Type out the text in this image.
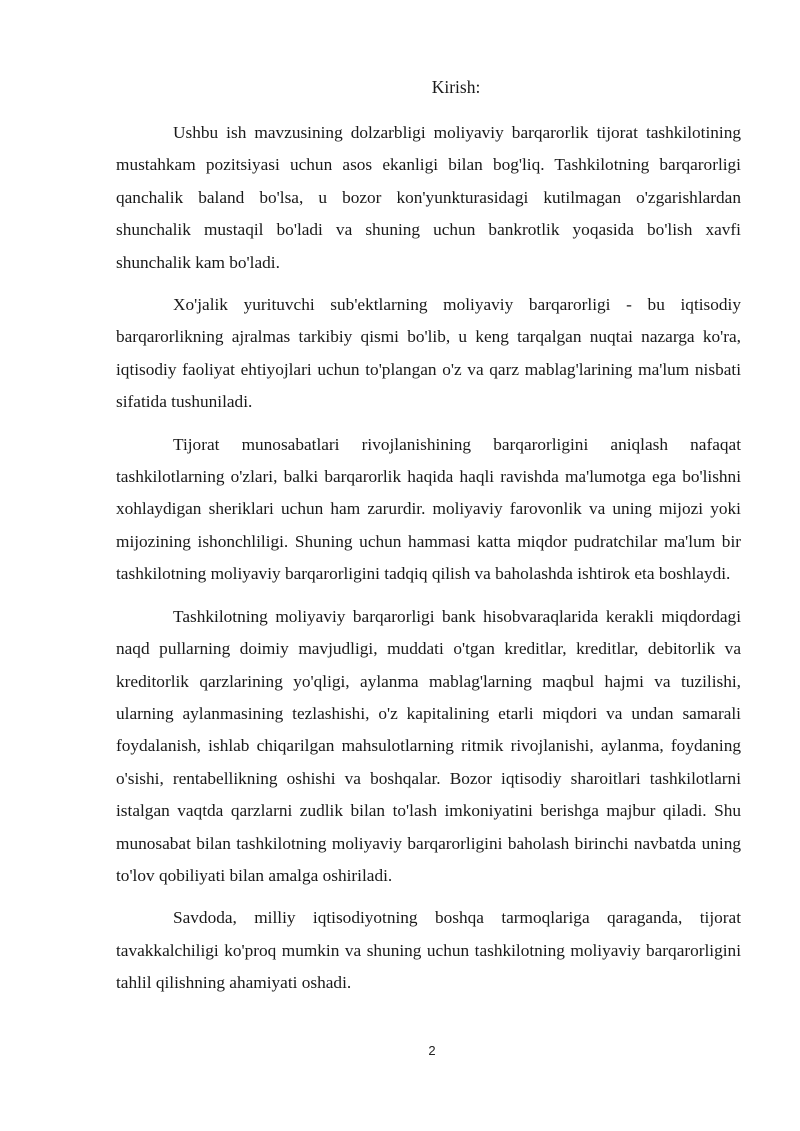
Kirish:

Ushbu ish mavzusining dolzarbligi moliyaviy barqarorlik tijorat tashkilotining mustahkam pozitsiyasi uchun asos ekanligi bilan bog'liq. Tashkilotning barqarorligi qanchalik baland bo'lsa, u bozor kon'yunkturasidagi kutilmagan o'zgarishlardan shunchalik mustaqil bo'ladi va shuning uchun bankrotlik yoqasida bo'lish xavfi shunchalik kam bo'ladi.

Xo'jalik yurituvchi sub'ektlarning moliyaviy barqarorligi - bu iqtisodiy barqarorlikning ajralmas tarkibiy qismi bo'lib, u keng tarqalgan nuqtai nazarga ko'ra, iqtisodiy faoliyat ehtiyojlari uchun to'plangan o'z va qarz mablag'larining ma'lum nisbati sifatida tushuniladi.

Tijorat munosabatlari rivojlanishining barqarorligini aniqlash nafaqat tashkilotlarning o'zlari, balki barqarorlik haqida haqli ravishda ma'lumotga ega bo'lishni xohlaydigan sheriklari uchun ham zarurdir. moliyaviy farovonlik va uning mijozi yoki mijozining ishonchliligi. Shuning uchun hammasi katta miqdor pudratchilar ma'lum bir tashkilotning moliyaviy barqarorligini tadqiq qilish va baholashda ishtirok eta boshlaydi.

Tashkilotning moliyaviy barqarorligi bank hisobvaraqlarida kerakli miqdordagi naqd pullarning doimiy mavjudligi, muddati o'tgan kreditlar, kreditlar, debitorlik va kreditorlik qarzlarining yo'qligi, aylanma mablag'larning maqbul hajmi va tuzilishi, ularning aylanmasining tezlashishi, o'z kapitalining etarli miqdori va undan samarali foydalanish, ishlab chiqarilgan mahsulotlarning ritmik rivojlanishi, aylanma, foydaning o'sishi, rentabellikning oshishi va boshqalar. Bozor iqtisodiy sharoitlari tashkilotlarni istalgan vaqtda qarzlarni zudlik bilan to'lash imkoniyatini berishga majbur qiladi. Shu munosabat bilan tashkilotning moliyaviy barqarorligini baholash birinchi navbatda uning to'lov qobiliyati bilan amalga oshiriladi.

Savdoda, milliy iqtisodiyotning boshqa tarmoqlariga qaraganda, tijorat tavakkalchiligi ko'proq mumkin va shuning uchun tashkilotning moliyaviy barqarorligini tahlil qilishning ahamiyati oshadi.

2
